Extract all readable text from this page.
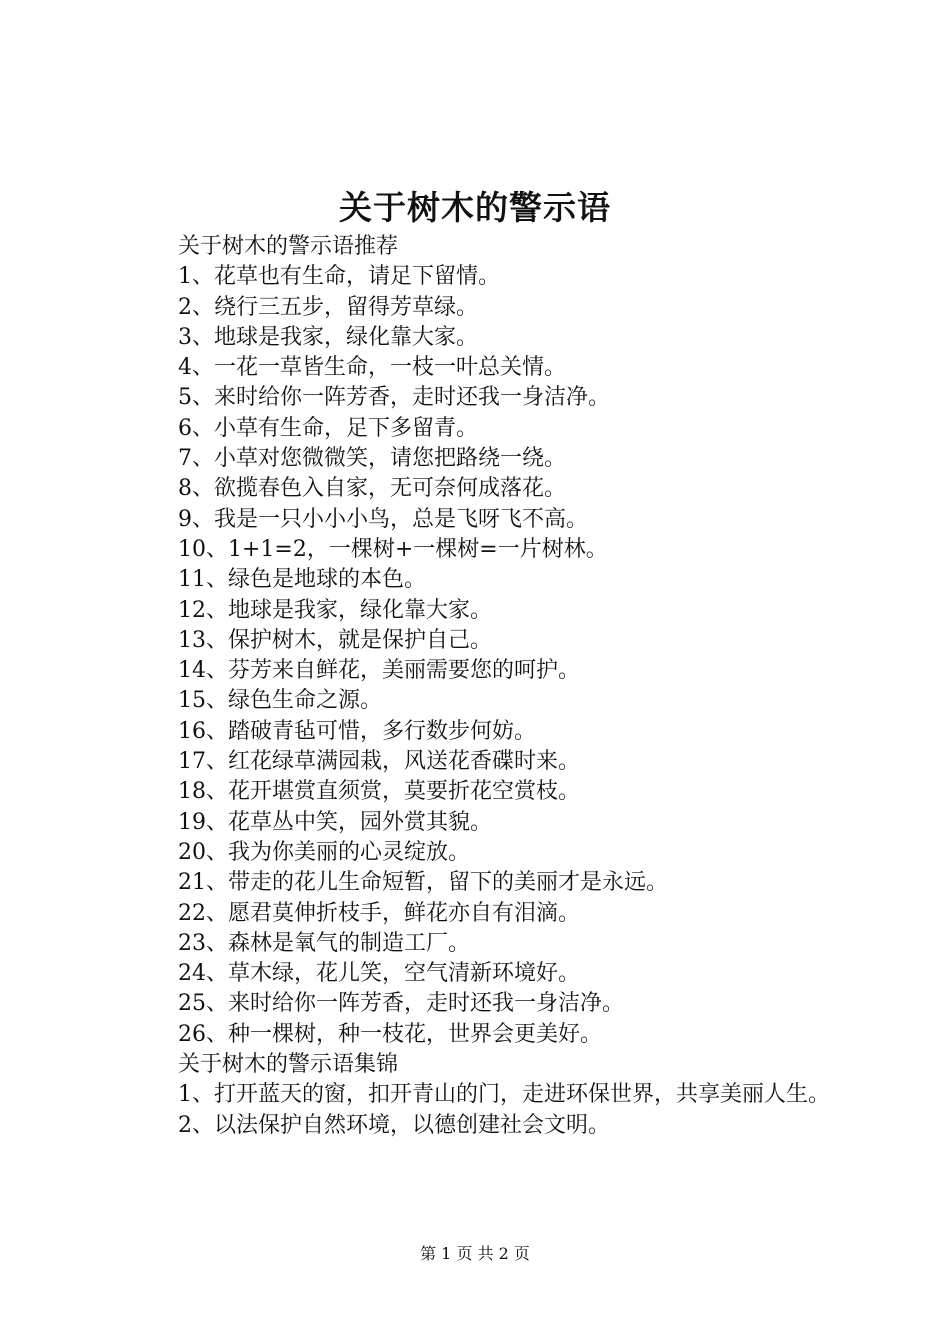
关于树木的警示语

关于树木的警示语推荐

1、花草也有生命，请足下留情。

2、绕行三五步，留得芳草绿。

3、地球是我家，绿化靠大家。

4、一花一草皆生命，一枝一叶总关情。

5、来时给你一阵芳香，走时还我一身洁净。

6、小草有生命，足下多留青。

7、小草对您微微笑，请您把路绕一绕。

8、欲揽春色入自家，无可奈何成落花。

9、我是一只小小小鸟，总是飞呀飞不高。

10、1+1=2，一棵树+一棵树=一片树林。

11、绿色是地球的本色。

12、地球是我家，绿化靠大家。

13、保护树木，就是保护自己。

14、芬芳来自鲜花，美丽需要您的呵护。

15、绿色生命之源。

16、踏破青毡可惜，多行数步何妨。

17、红花绿草满园栽，风送花香碟时来。

18、花开堪赏直须赏，莫要折花空赏枝。

19、花草丛中笑，园外赏其貌。

20、我为你美丽的心灵绽放。

21、带走的花儿生命短暂，留下的美丽才是永远。

22、愿君莫伸折枝手，鲜花亦自有泪滴。

23、森林是氧气的制造工厂。

24、草木绿，花儿笑，空气清新环境好。

25、来时给你一阵芳香，走时还我一身洁净。

26、种一棵树，种一枝花，世界会更美好。

关于树木的警示语集锦

1、打开蓝天的窗，扣开青山的门，走进环保世界，共享美丽人生。

2、以法保护自然环境，以德创建社会文明。

第 1 页 共 2 页
